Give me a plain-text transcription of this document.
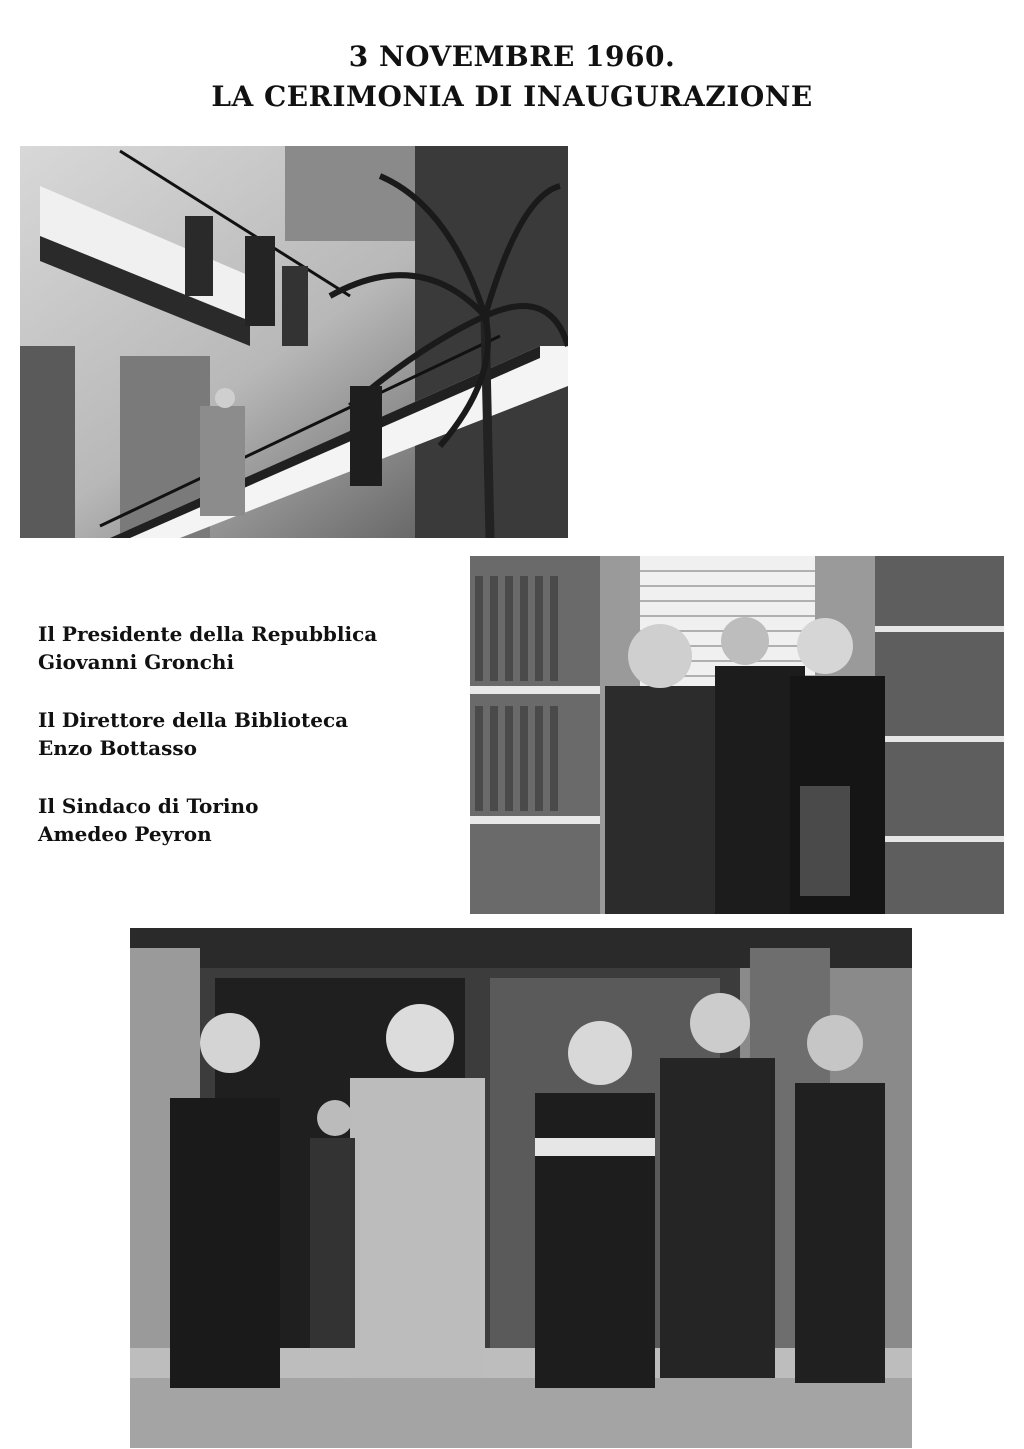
3 NOVEMBRE 1960.
LA CERIMONIA DI INAUGURAZIONE
Il Presidente della Repubblica
Giovanni Gronchi
Il Direttore della Biblioteca
Enzo Bottasso
Il Sindaco di Torino
Amedeo Peyron
